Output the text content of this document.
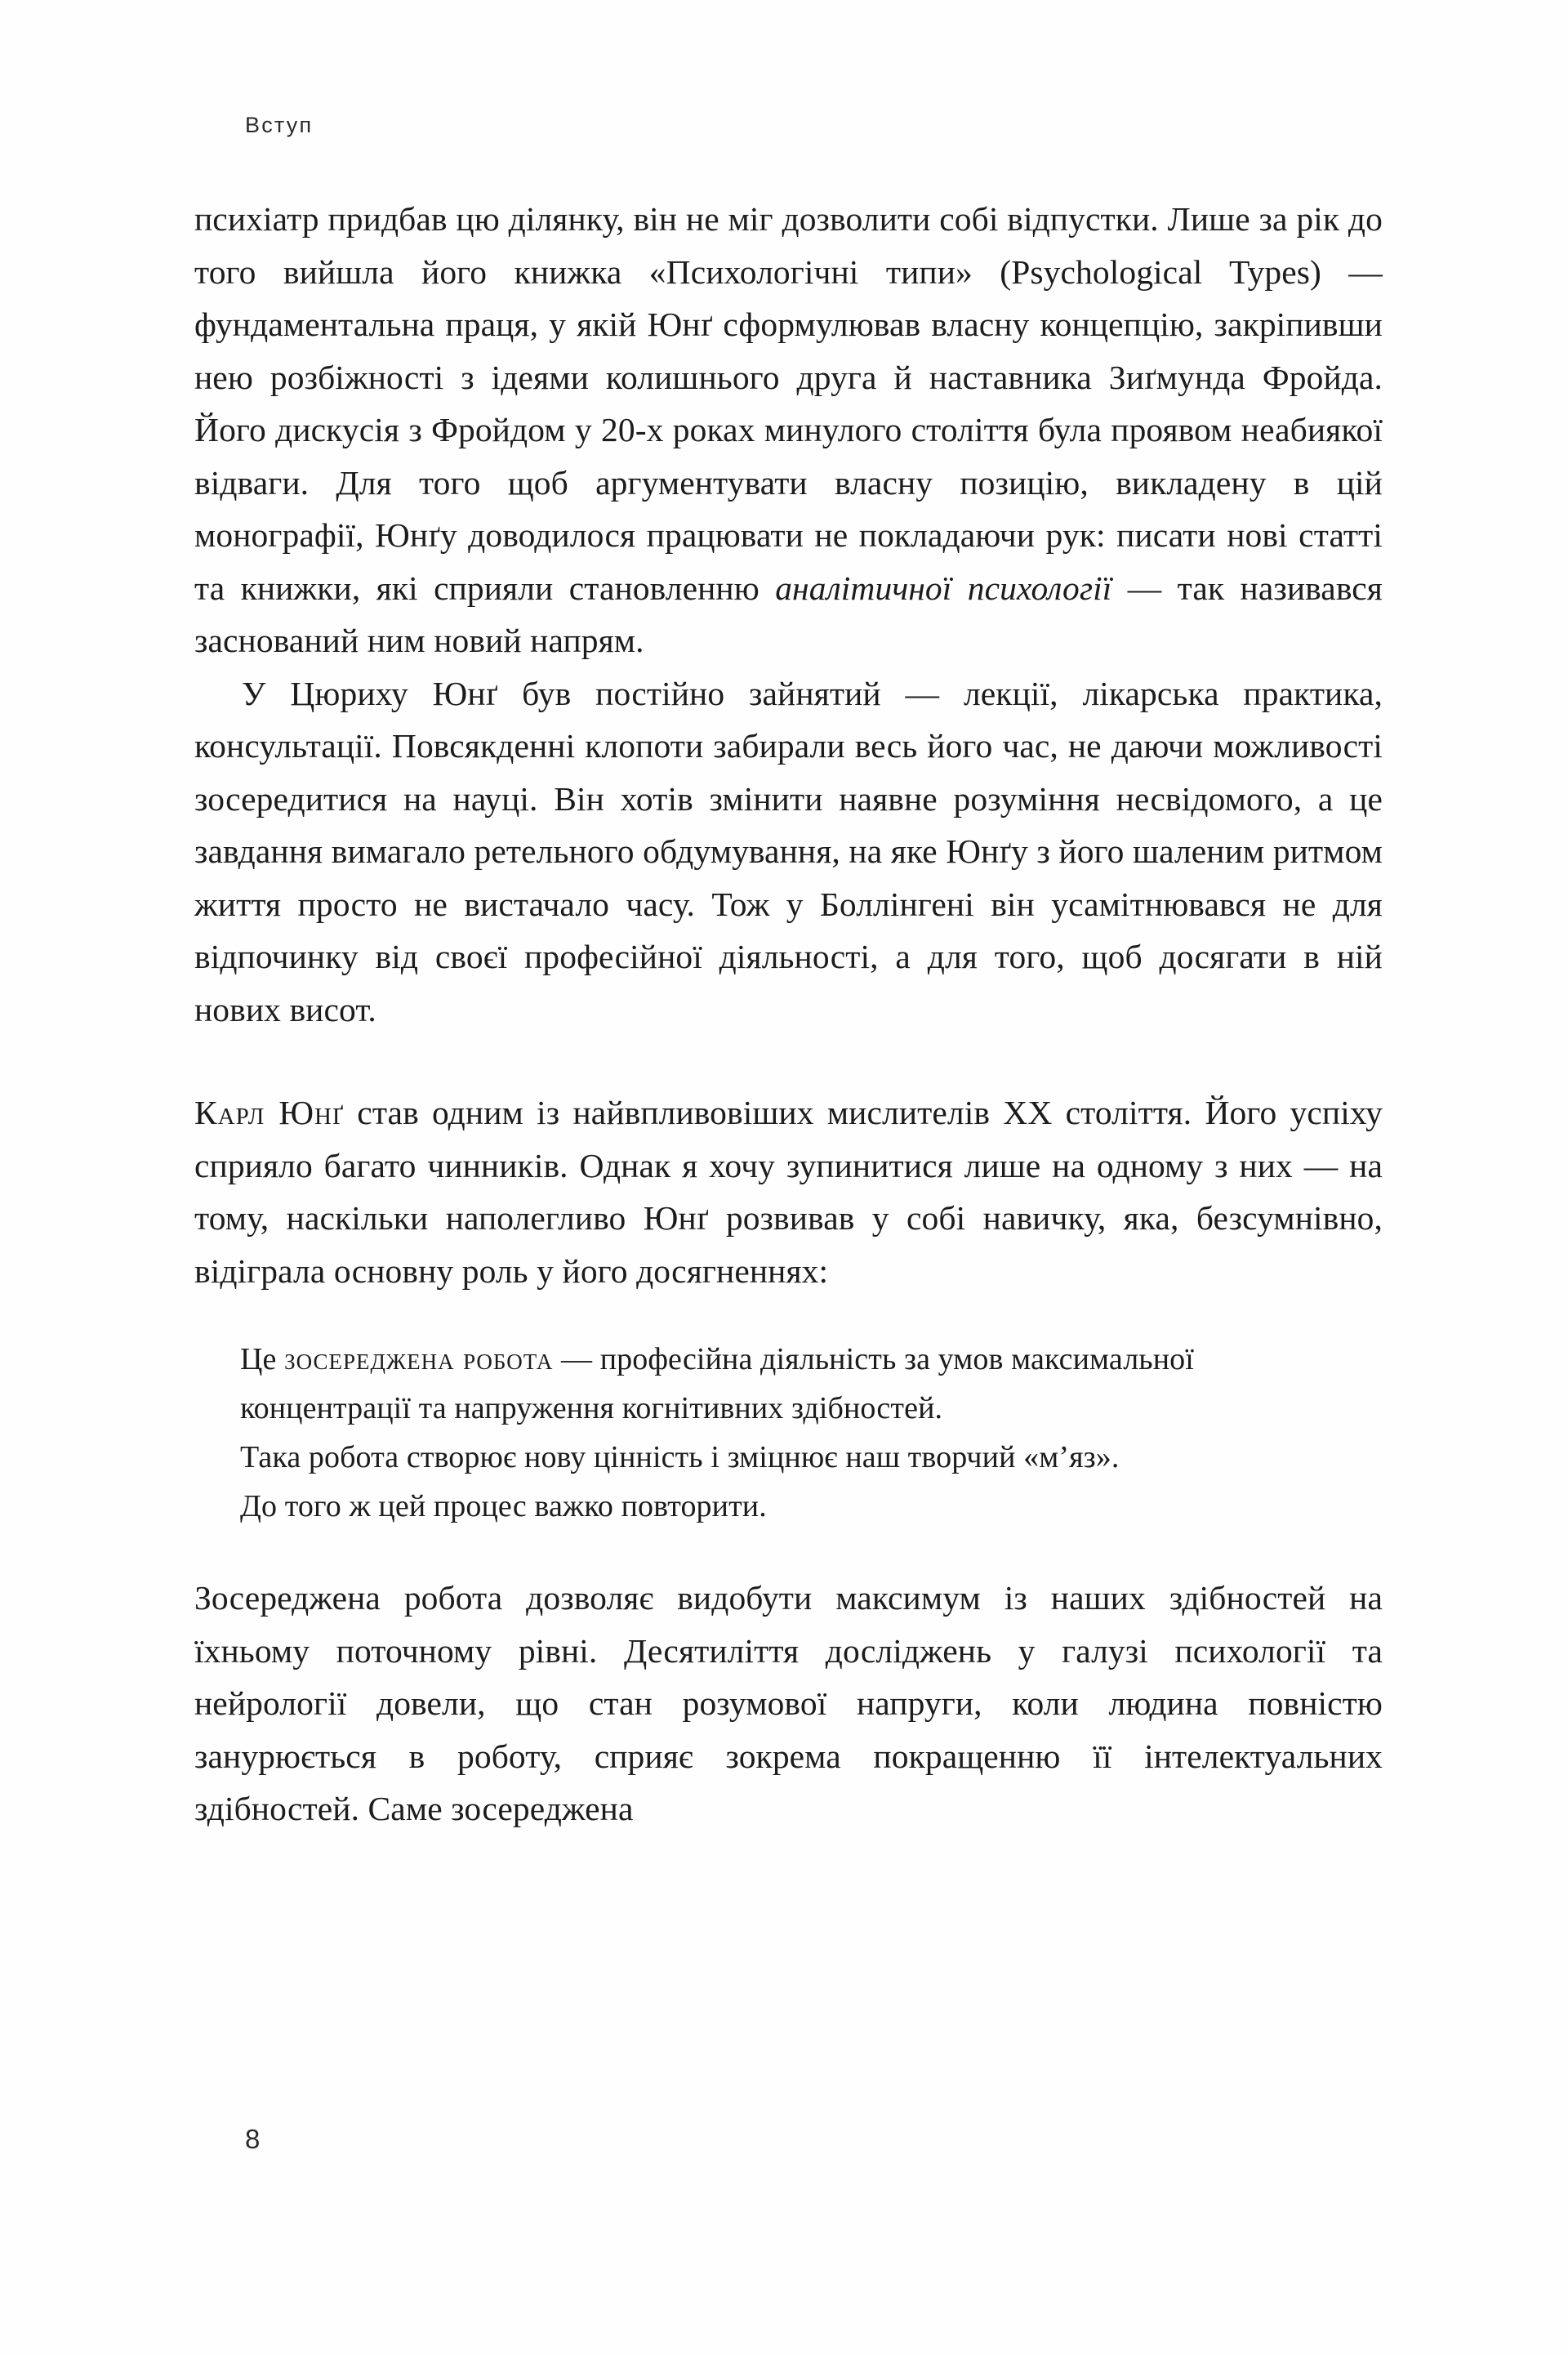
Вступ

психіатр придбав цю ділянку, він не міг дозволити собі відпустки. Лише за рік до того вийшла його книжка «Психологічні типи» (Psychological Types) — фундаментальна праця, у якій Юнґ сформулював власну концепцію, закріпивши нею розбіжності з ідеями колишнього друга й наставника Зиґмунда Фройда. Його дискусія з Фройдом у 20-х роках минулого століття була проявом неабиякої відваги. Для того щоб аргументувати власну позицію, викладену в цій монографії, Юнґу доводилося працювати не покладаючи рук: писати нові статті та книжки, які сприяли становленню аналітичної психології — так називався заснований ним новий напрям.

У Цюриху Юнґ був постійно зайнятий — лекції, лікарська практика, консультації. Повсякденні клопоти забирали весь його час, не даючи можливості зосередитися на науці. Він хотів змінити наявне розуміння несвідомого, а це завдання вимагало ретельного обдумування, на яке Юнґу з його шаленим ритмом життя просто не вистачало часу. Тож у Боллінгені він усамітнювався не для відпочинку від своєї професійної діяльності, а для того, щоб досягати в ній нових висот.

Карл Юнґ став одним із найвпливовіших мислителів XX століття. Його успіху сприяло багато чинників. Однак я хочу зупинитися лише на одному з них — на тому, наскільки наполегливо Юнґ розвивав у собі навичку, яка, безсумнівно, відіграла основну роль у його досягненнях:

Це зосереджена робота — професійна діяльність за умов максимальної концентрації та напруження когнітивних здібностей.

Така робота створює нову цінність і зміцнює наш творчий «м’яз».

До того ж цей процес важко повторити.

Зосереджена робота дозволяє видобути максимум із наших здібностей на їхньому поточному рівні. Десятиліття досліджень у галузі психології та нейрології довели, що стан розумової напруги, коли людина повністю занурюється в роботу, сприяє зокрема покращенню її інтелектуальних здібностей. Саме зосереджена

8
